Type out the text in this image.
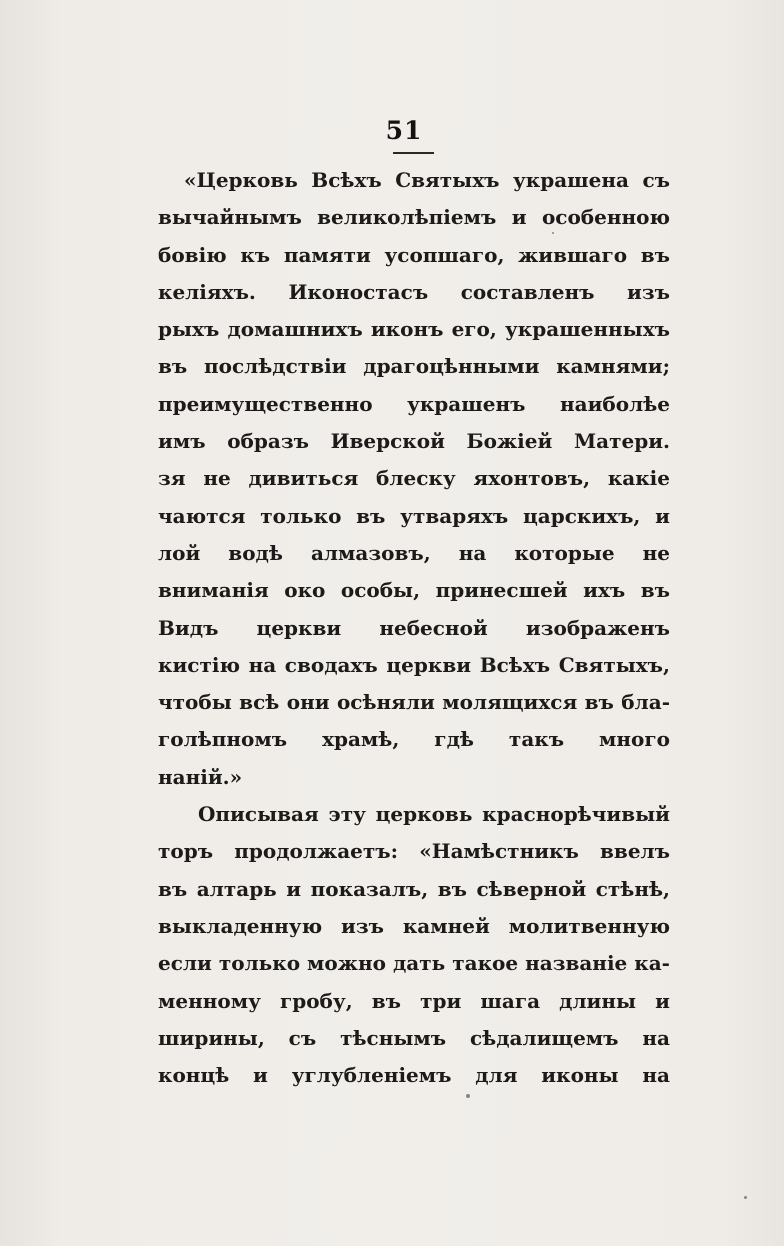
51
«Церковь Всѣхъ Святыхъ украшена съ
вычайнымъ великолѣпiемъ и особенною
бовiю къ памяти усопшаго, жившаго въ
келiяхъ. Иконостасъ составленъ изъ
рыхъ домашнихъ иконъ его, украшенныхъ
въ послѣдствiи драгоцѣнными камнями;
преимущественно украшенъ наиболѣе
имъ образъ Иверской Божiей Матери.
зя не дивиться блеску яхонтовъ, какiе
чаются только въ утваряхъ царскихъ, и
лой водѣ алмазовъ, на которые не
вниманiя око особы, принесшей ихъ въ
Видъ церкви небесной изображенъ
кистiю на сводахъ церкви Всѣхъ Святыхъ,
чтобы всѣ они осѣняли молящихся въ бла-
голѣпномъ храмѣ, гдѣ такъ много
нанiй.»
Описывая эту церковь краснорѣчивый
торъ продолжаетъ: «Намѣстникъ ввелъ
въ алтарь и показалъ, въ сѣверной стѣнѣ,
выкладенную изъ камней молитвенную
если только можно дать такое названiе ка-
менному гробу, въ три шага длины и
ширины, съ тѣснымъ сѣдалищемъ на
концѣ и углубленiемъ для иконы на
